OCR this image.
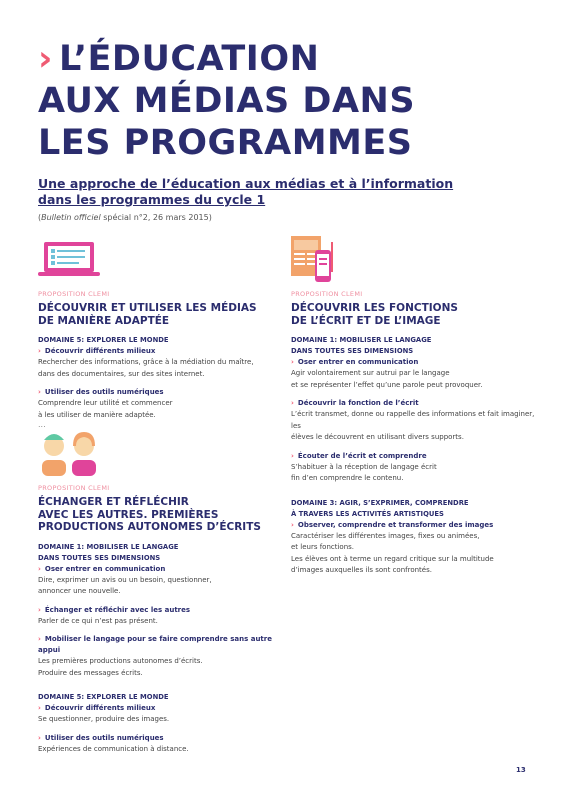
› L’ÉDUCATION
AUX MÉDIAS DANS
LES PROGRAMMES
Une approche de l’éducation aux médias et à l’information
dans les programmes du cycle 1
(Bulletin officiel spécial n°2, 26 mars 2015)
PROPOSITION CLEMI
DÉCOUVRIR ET UTILISER LES MÉDIAS
DE MANIÈRE ADAPTÉE
DOMAINE 5: EXPLORER LE MONDE
› Découvrir différents milieux
Rechercher des informations, grâce à la médiation du maître,
dans des documentaires, sur des sites internet.
› Utiliser des outils numériques
Comprendre leur utilité et commencer
à les utiliser de manière adaptée.
...
PROPOSITION CLEMI
ÉCHANGER ET RÉFLÉCHIR
AVEC LES AUTRES. PREMIÈRES
PRODUCTIONS AUTONOMES D’ÉCRITS
DOMAINE 1: MOBILISER LE LANGAGE
DANS TOUTES SES DIMENSIONS
› Oser entrer en communication
Dire, exprimer un avis ou un besoin, questionner,
annoncer une nouvelle.
› Échanger et réfléchir avec les autres
Parler de ce qui n’est pas présent.
› Mobiliser le langage pour se faire comprendre sans autre appui
Les premières productions autonomes d’écrits.
Produire des messages écrits.
DOMAINE 5: EXPLORER LE MONDE
› Découvrir différents milieux
Se questionner, produire des images.
› Utiliser des outils numériques
Expériences de communication à distance.
PROPOSITION CLEMI
DÉCOUVRIR LES FONCTIONS
DE L’ÉCRIT ET DE L’IMAGE
DOMAINE 1: MOBILISER LE LANGAGE
DANS TOUTES SES DIMENSIONS
› Oser entrer en communication
Agir volontairement sur autrui par le langage
et se représenter l’effet qu’une parole peut provoquer.
› Découvrir la fonction de l’écrit
L’écrit transmet, donne ou rappelle des informations et fait imaginer, les
élèves le découvrent en utilisant divers supports.
› Écouter de l’écrit et comprendre
S’habituer à la réception de langage écrit
fin d’en comprendre le contenu.
DOMAINE 3: AGIR, S’EXPRIMER, COMPRENDRE
À TRAVERS LES ACTIVITÉS ARTISTIQUES
› Observer, comprendre et transformer des images
Caractériser les différentes images, fixes ou animées,
et leurs fonctions.
Les élèves ont à terme un regard critique sur la multitude
d’images auxquelles ils sont confrontés.
13
